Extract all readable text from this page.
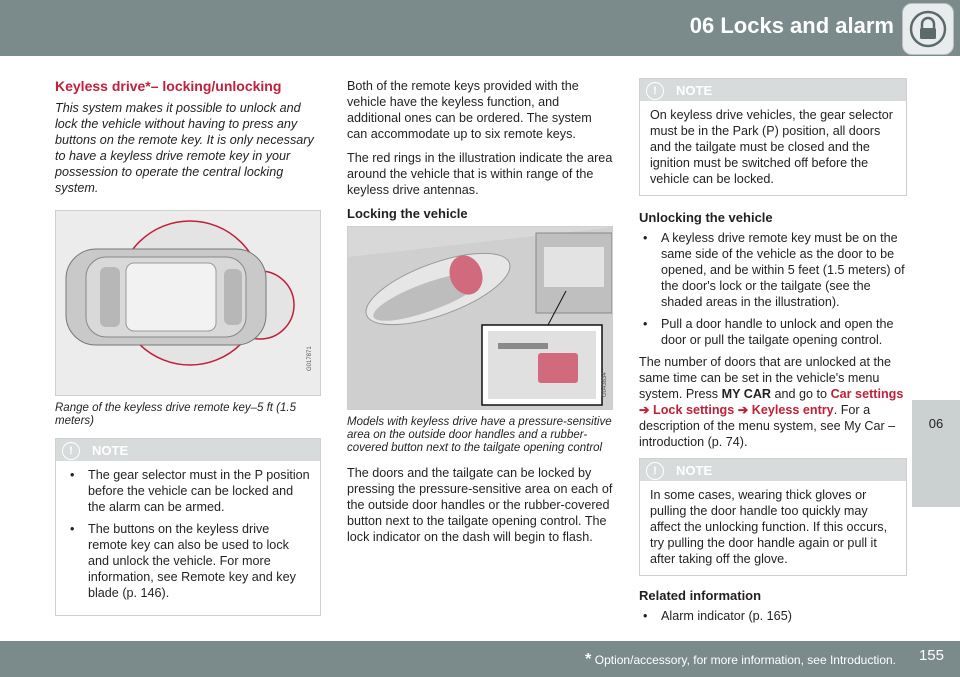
06 Locks and alarm
06
Keyless drive*– locking/unlocking

This system makes it possible to unlock and lock the vehicle without having to press any buttons on the remote key. It is only necessary to have a keyless drive remote key in your possession to operate the central locking system.

G017871
Range of the keyless drive remote key–5 ft (1.5 meters)
!	NOTE
• The gear selector must in the P position before the vehicle can be locked and the alarm can be armed.
• The buttons on the keyless drive remote key can also be used to lock and unlock the vehicle. For more information, see Remote key and key blade (p. 146).

Both of the remote keys provided with the vehicle have the keyless function, and additional ones can be ordered. The system can accommodate up to six remote keys.

The red rings in the illustration indicate the area around the vehicle that is within range of the keyless drive antennas.

Locking the vehicle
G043834
Models with keyless drive have a pressure-sensitive area on the outside door handles and a rubber-covered button next to the tailgate opening control

The doors and the tailgate can be locked by pressing the pressure-sensitive area on each of the outside door handles or the rubber-covered button next to the tailgate opening control. The lock indicator on the dash will begin to flash.

!	NOTE
On keyless drive vehicles, the gear selector must be in the Park (P) position, all doors and the tailgate must be closed and the ignition must be switched off before the vehicle can be locked.
Unlocking the vehicle
• A keyless drive remote key must be on the same side of the vehicle as the door to be opened, and be within 5 feet (1.5 meters) of the door's lock or the tailgate (see the shaded areas in the illustration).
• Pull a door handle to unlock and open the door or pull the tailgate opening control.

The number of doors that are unlocked at the same time can be set in the vehicle's menu system. Press MY CAR and go to Car settings ➔ Lock settings ➔ Keyless entry. For a description of the menu system, see My Car – introduction (p. 74).

!	NOTE
In some cases, wearing thick gloves or pulling the door handle too quickly may affect the unlocking function. If this occurs, try pulling the door handle again or pull it after taking off the glove.
Related information
• Alarm indicator (p. 165)
* Option/accessory, for more information, see Introduction. 155
